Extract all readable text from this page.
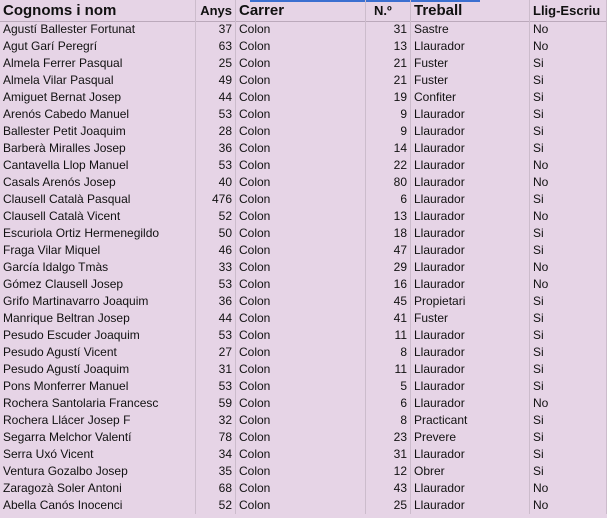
Cognoms i nom	Anys Carrer	N.º	Treball	Llig-Escriu
Agustí Ballester Fortunat	37 Colon	31 Sastre	No
Agut Garí Peregrí	63 Colon	13 Llaurador	No
Almela Ferrer Pasqual	25 Colon	21 Fuster	Si
Almela Vilar Pasqual	49 Colon	21 Fuster	Si
Amiguet Bernat Josep	44 Colon	19 Confiter	Si
Arenós Cabedo Manuel	53 Colon	9 Llaurador	Si
Ballester Petit Joaquim	28 Colon	9 Llaurador	Si
Barberà Miralles Josep	36 Colon	14 Llaurador	Si
Cantavella Llop Manuel	53 Colon	22 Llaurador	No
Casals Arenós Josep	40 Colon	80 Llaurador	No
Clausell Català Pasqual	476 Colon	6 Llaurador	Si
Clausell Català Vicent	52 Colon	13 Llaurador	No
Escuriola Ortiz Hermenegildo	50 Colon	18 Llaurador	Si
Fraga Vilar Miquel	46 Colon	47 Llaurador	Si
García Idalgo Tmàs	33 Colon	29 Llaurador	No
Gómez Clausell Josep	53 Colon	16 Llaurador	No
Grifo Martinavarro Joaquim	36 Colon	45 Propietari	Si
Manrique Beltran Josep	44 Colon	41 Fuster	Si
Pesudo Escuder Joaquim	53 Colon	11 Llaurador	Si
Pesudo Agustí Vicent	27 Colon	8 Llaurador	Si
Pesudo Agustí Joaquim	31 Colon	11 Llaurador	Si
Pons Monferrer Manuel	53 Colon	5 Llaurador	Si
Rochera Santolaria Francesc	59 Colon	6 Llaurador	No
Rochera Llácer Josep F	32 Colon	8 Practicant	Si
Segarra Melchor Valentí	78 Colon	23 Prevere	Si
Serra Uxó Vicent	34 Colon	31 Llaurador	Si
Ventura Gozalbo Josep	35 Colon	12 Obrer	Si
Zaragozà Soler Antoni	68 Colon	43 Llaurador	No
Abella Canós Inocenci	52 Colon	25 Llaurador	No
